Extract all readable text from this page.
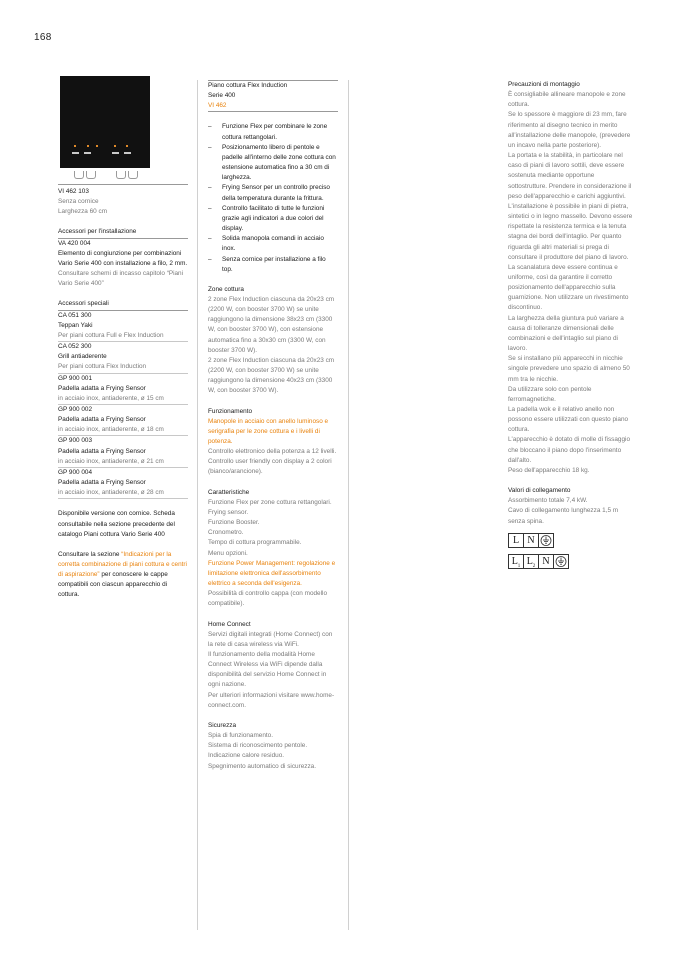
168

VI 462 103

Senza cornice

Larghezza 60 cm

Accessori per l'installazione

VA 420 004

Elemento di congiunzione per combinazioni Vario Serie 400 con installazione a filo, 2 mm.

Consultare schemi di incasso capitolo “Piani Vario Serie 400”

Accessori speciali

CA 051 300

Teppan Yaki

Per piani cottura Full e Flex Induction

CA 052 300

Grill antiaderente

Per piani cottura Flex Induction

GP 900 001

Padella adatta a Frying Sensor

in acciaio inox, antiaderente, ø 15 cm

GP 900 002

Padella adatta a Frying Sensor

in acciaio inox, antiaderente, ø 18 cm

GP 900 003

Padella adatta a Frying Sensor

in acciaio inox, antiaderente, ø 21 cm

GP 900 004

Padella adatta a Frying Sensor

in acciaio inox, antiaderente, ø 28 cm

Disponibile versione con cornice. Scheda consultabile nella sezione precedente del catalogo Piani cottura Vario Serie 400

Consultare la sezione “Indicazioni per la corretta combinazione di piani cottura e centri di aspirazione” per conoscere le cappe compatibili con ciascun apparecchio di cottura.

Piano cottura Flex Induction

Serie 400

VI 462

– Funzione Flex per combinare le zone cottura rettangolari.
– Posizionamento libero di pentole e padelle all'interno delle zone cottura con estensione automatica fino a 30 cm di larghezza.
– Frying Sensor per un controllo preciso della temperatura durante la frittura.
– Controllo facilitato di tutte le funzioni grazie agli indicatori a due colori del display.
– Solida manopola comandi in acciaio inox.
– Senza cornice per installazione a filo top.

Zone cottura

2 zone Flex Induction ciascuna da 20x23 cm (2200 W, con booster 3700 W) se unite raggiungono la dimensione 38x23 cm (3300 W, con booster 3700 W), con estensione automatica fino a 30x30 cm (3300 W, con booster 3700 W).

2 zone Flex Induction ciascuna da 20x23 cm (2200 W, con booster 3700 W) se unite raggiungono la dimensione 40x23 cm (3300 W, con booster 3700 W).

Funzionamento

Manopole in acciaio con anello luminoso e serigrafia per le zone cottura e i livelli di potenza.

Controllo elettronico della potenza a 12 livelli.

Controllo user friendly con display a 2 colori (bianco/arancione).

Caratteristiche

Funzione Flex per zone cottura rettangolari.

Frying sensor.

Funzione Booster.

Cronometro.

Tempo di cottura programmabile.

Menu opzioni.

Funzione Power Management: regolazione e limitazione elettronica dell'assorbimento elettrico a seconda dell'esigenza.

Possibilità di controllo cappa (con modello compatibile).

Home Connect

Servizi digitali integrati (Home Connect) con la rete di casa wireless via WiFi.

Il funzionamento della modalità Home Connect Wireless via WiFi dipende dalla disponibilità del servizio Home Connect in ogni nazione.

Per ulteriori informazioni visitare www.home-connect.com.

Sicurezza

Spia di funzionamento.

Sistema di riconoscimento pentole.

Indicazione calore residuo.

Spegnimento automatico di sicurezza.

Precauzioni di montaggio

È consigliabile allineare manopole e zone cottura.

Se lo spessore è maggiore di 23 mm, fare riferimento al disegno tecnico in merito all'installazione delle manopole, (prevedere un incavo nella parte posteriore).

La portata e la stabilità, in particolare nel caso di piani di lavoro sottili, deve essere sostenuta mediante opportune sottostrutture. Prendere in considerazione il peso dell'apparecchio e carichi aggiuntivi.

L'installazione è possibile in piani di pietra, sintetici o in legno massello. Devono essere rispettate la resistenza termica e la tenuta stagna dei bordi dell'intaglio. Per quanto riguarda gli altri materiali si prega di consultare il produttore del piano di lavoro.

La scanalatura deve essere continua e uniforme, così da garantire il corretto posizionamento dell'apparecchio sulla guarnizione. Non utilizzare un rivestimento discontinuo.

La larghezza della giuntura può variare a causa di tolleranze dimensionali delle combinazioni e dell'intaglio sul piano di lavoro.

Se si installano più apparecchi in nicchie singole prevedere uno spazio di almeno 50 mm tra le nicchie.

Da utilizzare solo con pentole ferromagnetiche.

La padella wok e il relativo anello non possono essere utilizzati con questo piano cottura.

L'apparecchio è dotato di molle di fissaggio che bloccano il piano dopo l'inserimento dall'alto.

Peso dell'apparecchio 18 kg.

Valori di collegamento

Assorbimento totale 7,4 kW.

Cavo di collegamento lunghezza 1,5 m senza spina.

L N
$L_1$ $L_2$ N
